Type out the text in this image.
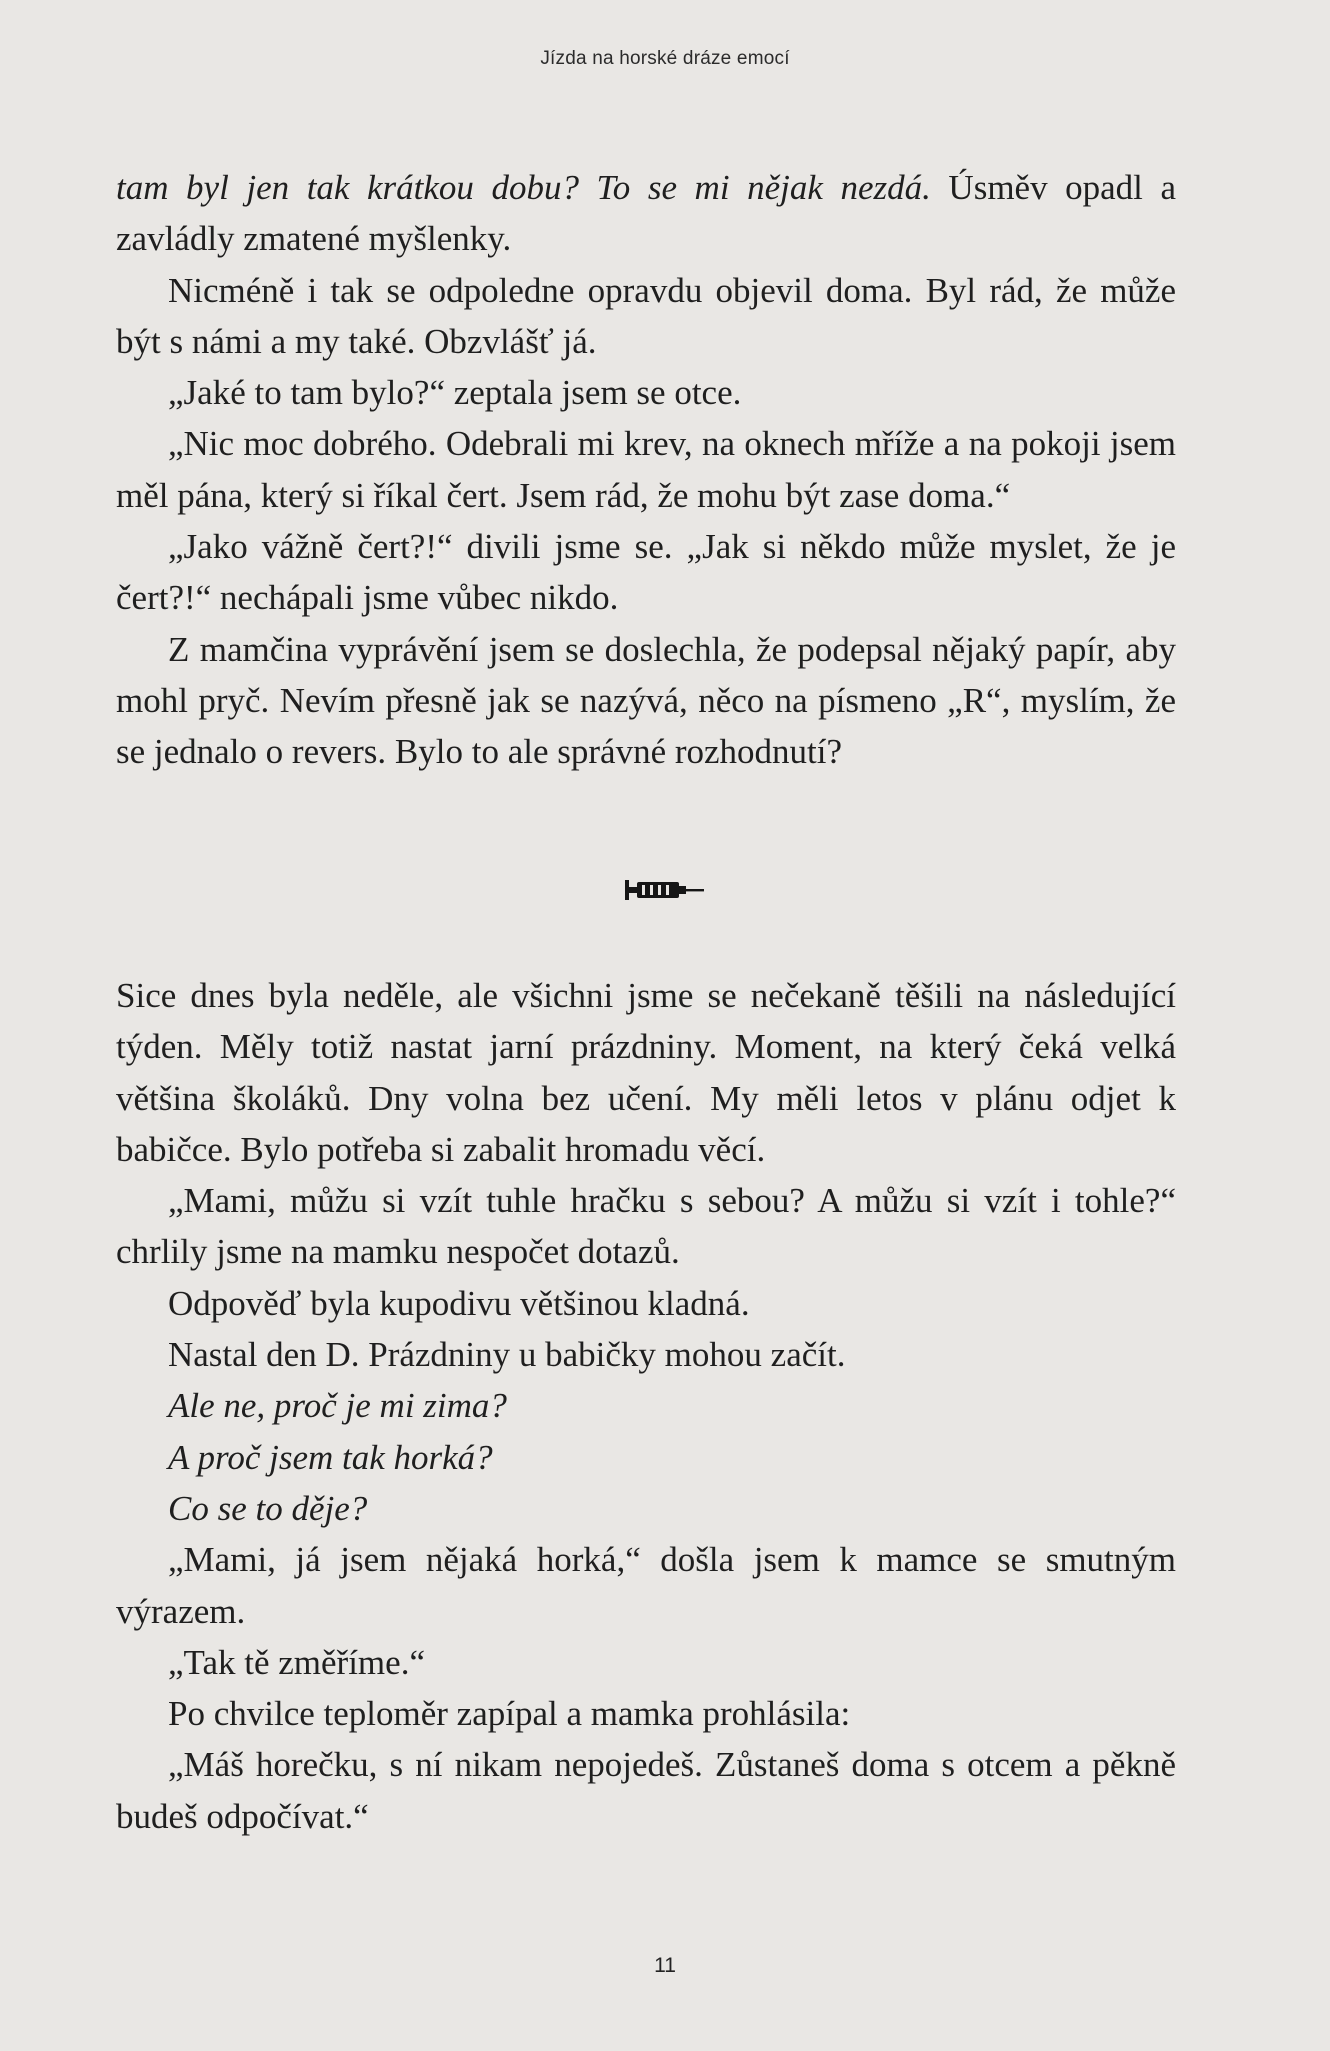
Jízda na horské dráze emocí

tam byl jen tak krátkou dobu? To se mi nějak nezdá. Úsměv opadl a zavládly zmatené myšlenky.

Nicméně i tak se odpoledne opravdu objevil doma. Byl rád, že může být s námi a my také. Obzvlášť já.

„Jaké to tam bylo?“ zeptala jsem se otce.

„Nic moc dobrého. Odebrali mi krev, na oknech mříže a na pokoji jsem měl pána, který si říkal čert. Jsem rád, že mohu být zase doma.“

„Jako vážně čert?!“ divili jsme se. „Jak si někdo může myslet, že je čert?!“ nechápali jsme vůbec nikdo.

Z mamčina vyprávění jsem se doslechla, že podepsal nějaký papír, aby mohl pryč. Nevím přesně jak se nazývá, něco na písmeno „R“, myslím, že se jednalo o revers. Bylo to ale správné rozhodnutí?

Sice dnes byla neděle, ale všichni jsme se nečekaně těšili na následující týden. Měly totiž nastat jarní prázdniny. Moment, na který čeká velká většina školáků. Dny volna bez učení. My měli letos v plánu odjet k babičce. Bylo potřeba si zabalit hromadu věcí.

„Mami, můžu si vzít tuhle hračku s sebou? A můžu si vzít i tohle?“ chrlily jsme na mamku nespočet dotazů.

Odpověď byla kupodivu většinou kladná.

Nastal den D. Prázdniny u babičky mohou začít.

Ale ne, proč je mi zima?

A proč jsem tak horká?

Co se to děje?

„Mami, já jsem nějaká horká,“ došla jsem k mamce se smutným výrazem.

„Tak tě změříme.“

Po chvilce teploměr zapípal a mamka prohlásila:

„Máš horečku, s ní nikam nepojedeš. Zůstaneš doma s otcem a pěkně budeš odpočívat.“

11
